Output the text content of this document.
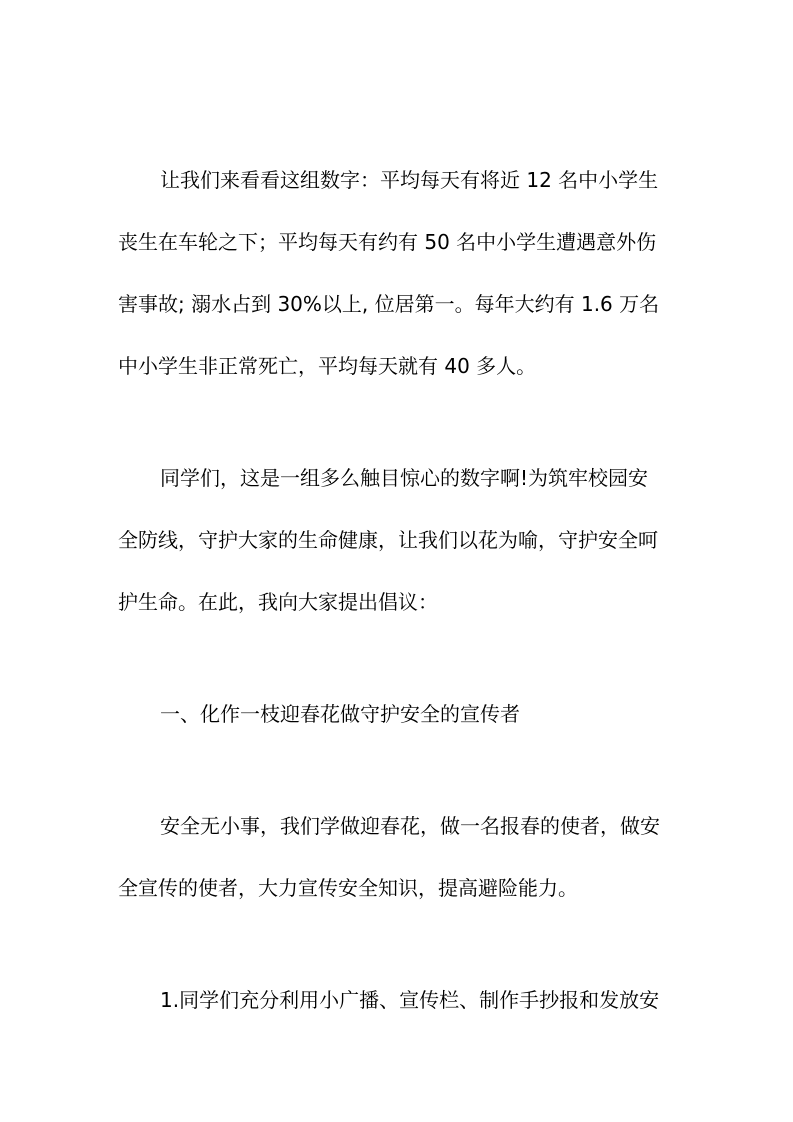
让我们来看看这组数字：平均每天有将近 12 名中小学生

丧生在车轮之下；平均每天有约有 50 名中小学生遭遇意外伤

害事故; 溺水占到 30%以上, 位居第一。每年大约有 1.6 万名

中小学生非正常死亡，平均每天就有 40 多人。

同学们，这是一组多么触目惊心的数字啊!为筑牢校园安

全防线，守护大家的生命健康，让我们以花为喻，守护安全呵

护生命。在此，我向大家提出倡议：

一、化作一枝迎春花做守护安全的宣传者

安全无小事，我们学做迎春花，做一名报春的使者，做安

全宣传的使者，大力宣传安全知识，提高避险能力。

1.同学们充分利用小广播、宣传栏、制作手抄报和发放安
